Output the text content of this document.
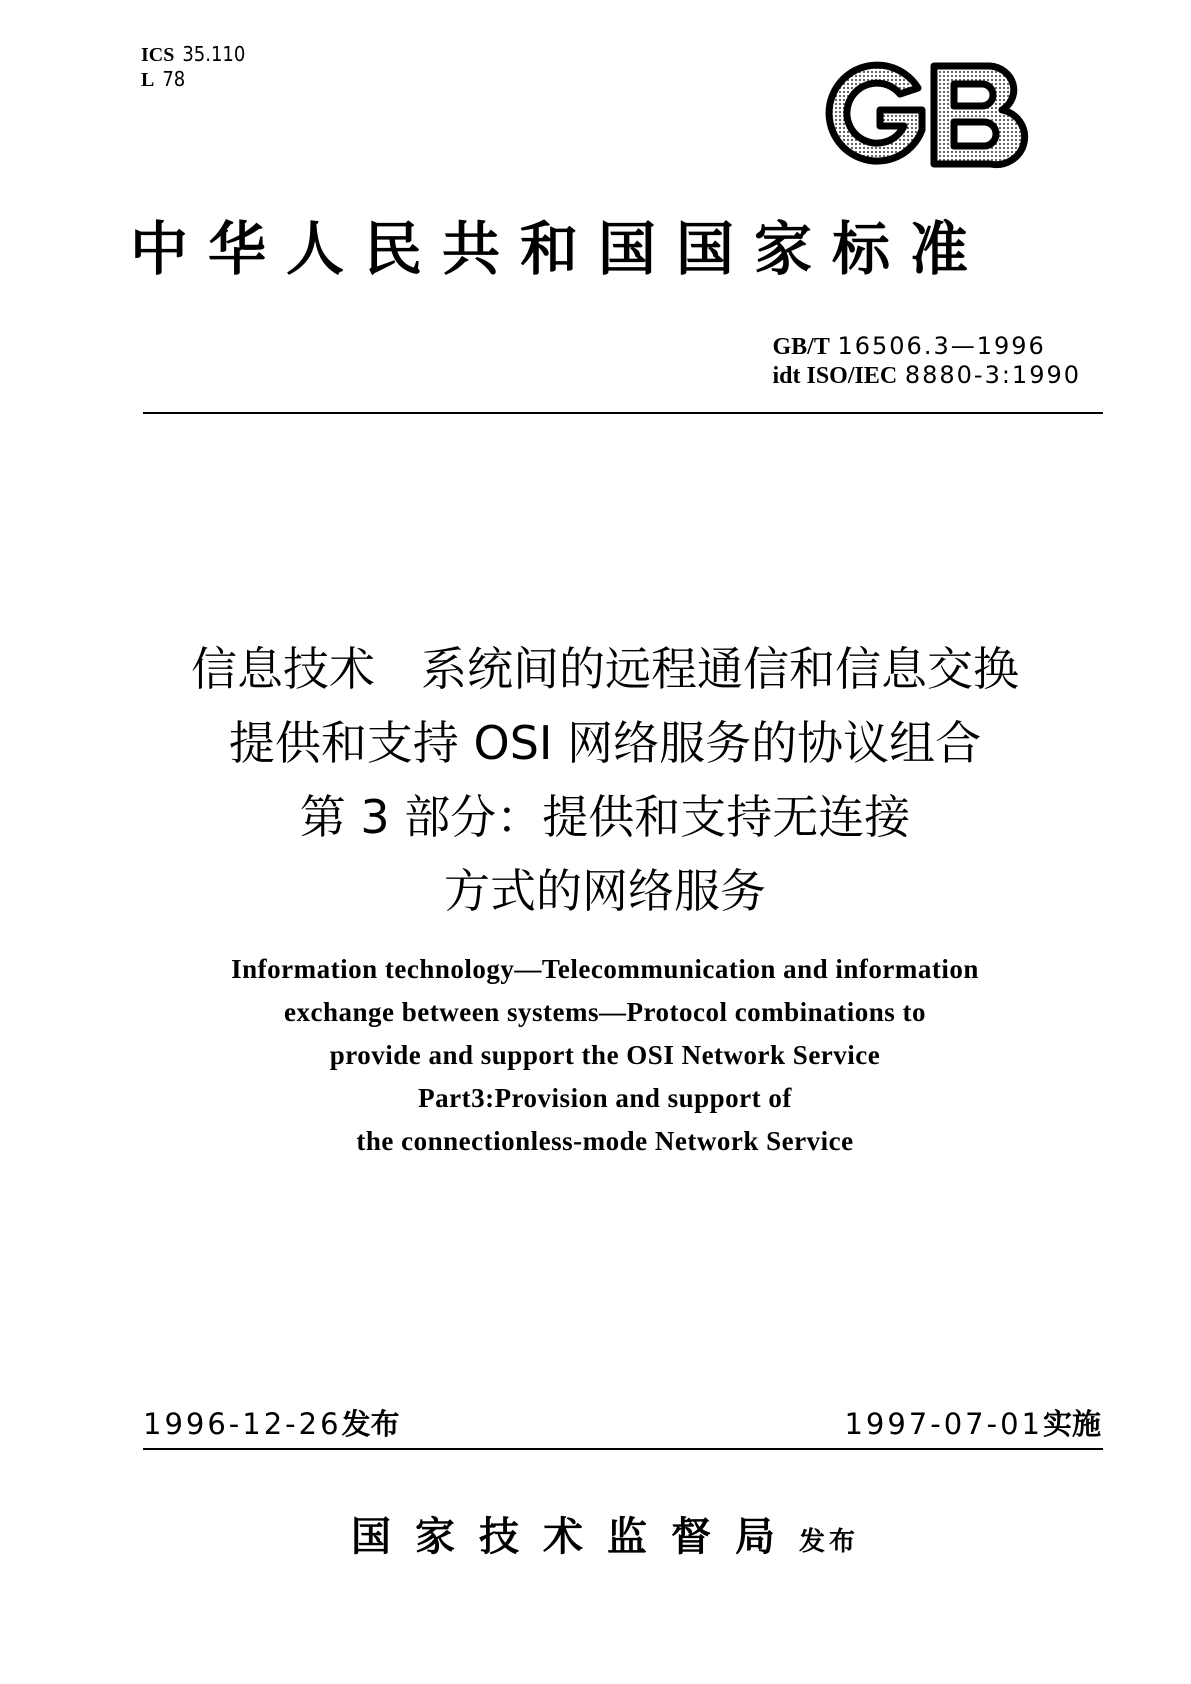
ICS 35.110
L 78
中华人民共和国国家标准
GB/T 16506.3—1996
idt ISO/IEC 8880-3:1990
信息技术　系统间的远程通信和信息交换
提供和支持 OSI 网络服务的协议组合
第 3 部分：提供和支持无连接
方式的网络服务
Information technology—Telecommunication and information
exchange between systems—Protocol combinations to
provide and support the OSI Network Service
Part3:Provision and support of
the connectionless-mode Network Service
1996-12-26发布	1997-07-01实施
国家技术监督局发布
